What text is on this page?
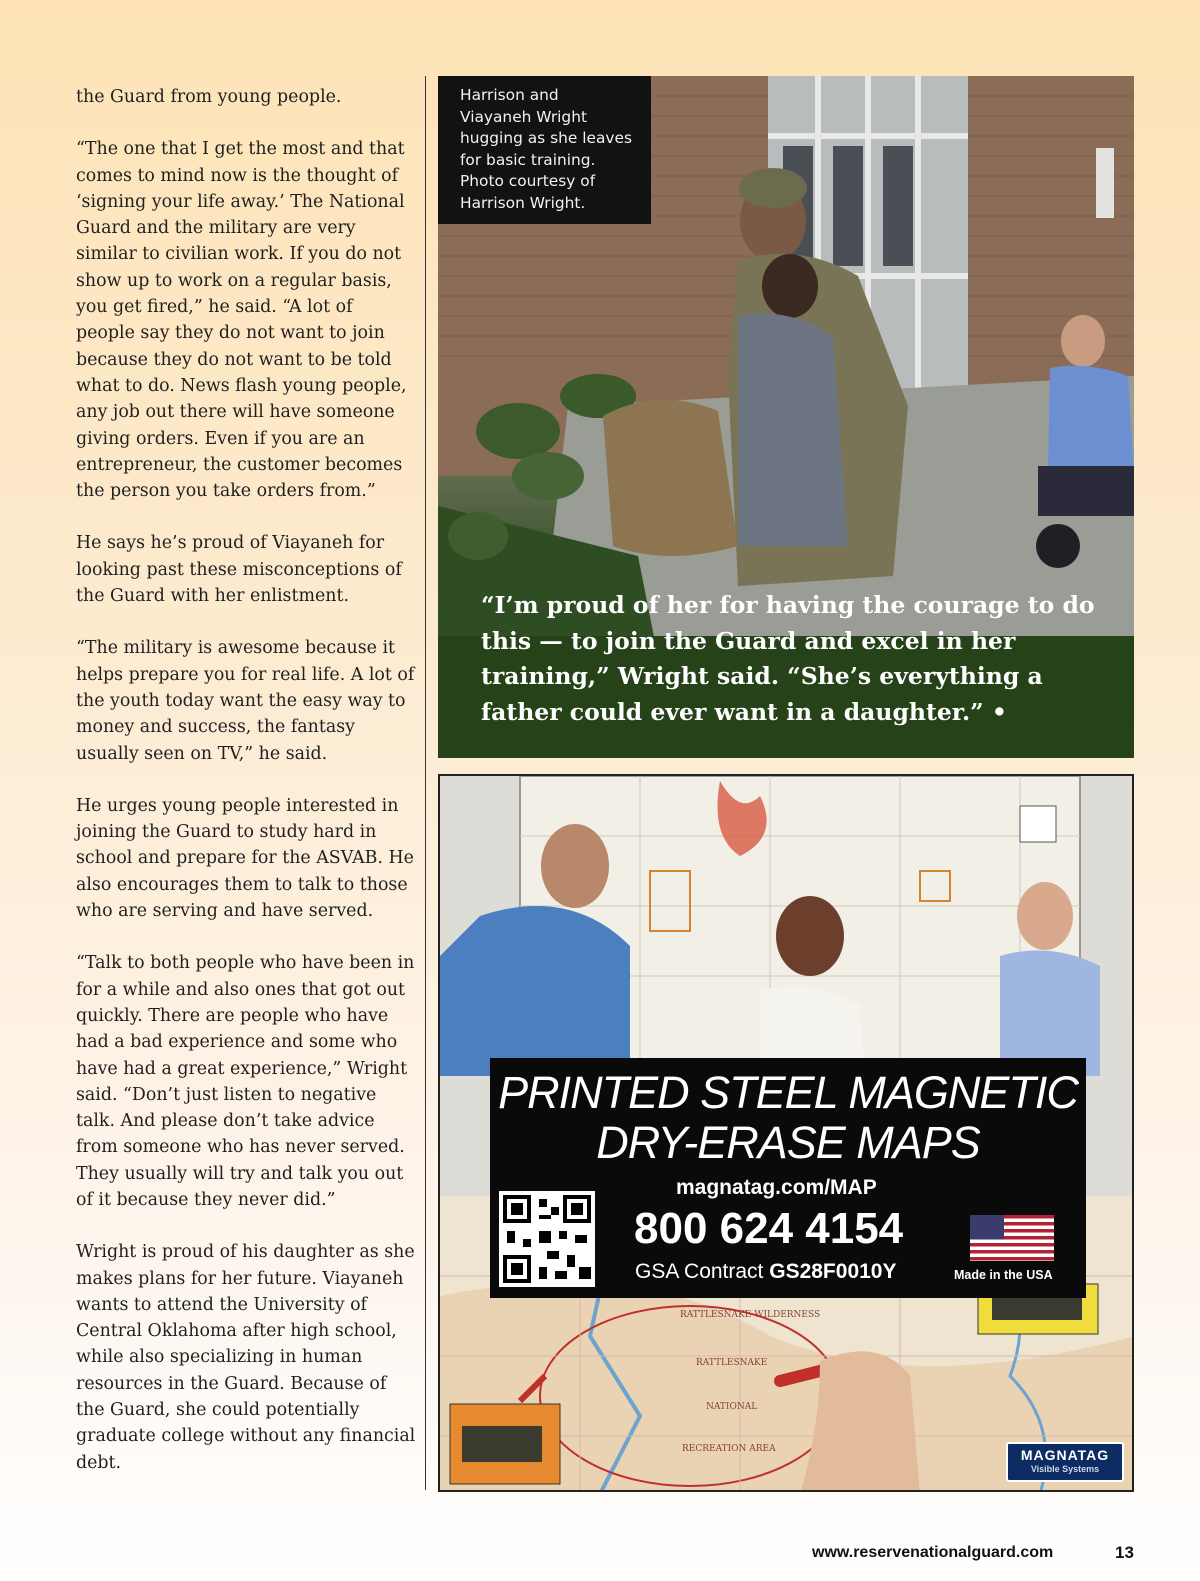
the Guard from young people.

“The one that I get the most and that comes to mind now is the thought of ‘signing your life away.’ The National Guard and the military are very similar to civilian work. If you do not show up to work on a regular basis, you get fired,” he said. “A lot of people say they do not want to join because they do not want to be told what to do. News flash young people, any job out there will have someone giving orders. Even if you are an entrepreneur, the customer becomes the person you take orders from.”

He says he’s proud of Viayaneh for looking past these misconceptions of the Guard with her enlistment.

“The military is awesome because it helps prepare you for real life. A lot of the youth today want the easy way to money and success, the fantasy usually seen on TV,” he said.

He urges young people interested in joining the Guard to study hard in school and prepare for the ASVAB. He also encourages them to talk to those who are serving and have served.

“Talk to both people who have been in for a while and also ones that got out quickly. There are people who have had a bad experience and some who have had a great experience,” Wright said. “Don’t just listen to negative talk. And please don’t take advice from someone who has never served. They usually will try and talk you out of it because they never did.”

Wright is proud of his daughter as she makes plans for her future. Viayaneh wants to attend the University of Central Oklahoma after high school, while also specializing in human resources in the Guard. Because of the Guard, she could potentially graduate college without any financial debt.

Harrison and
Viayaneh Wright
hugging as she leaves
for basic training.
Photo courtesy of
Harrison Wright.
“I’m proud of her for having the courage to do this — to join the Guard and excel in her training,” Wright said. “She’s everything a father could ever want in a daughter.” •
RATTLESNAKE WILDERNESS
RATTLESNAKE
NATIONAL
RECREATION AREA
PRINTED STEEL MAGNETIC
DRY-ERASE MAPS
magnatag.com/MAP
800 624 4154
GSA Contract GS28F0010Y	Made in the USA
MAGNATAG
Visible Systems
www.reservenationalguard.com	13
